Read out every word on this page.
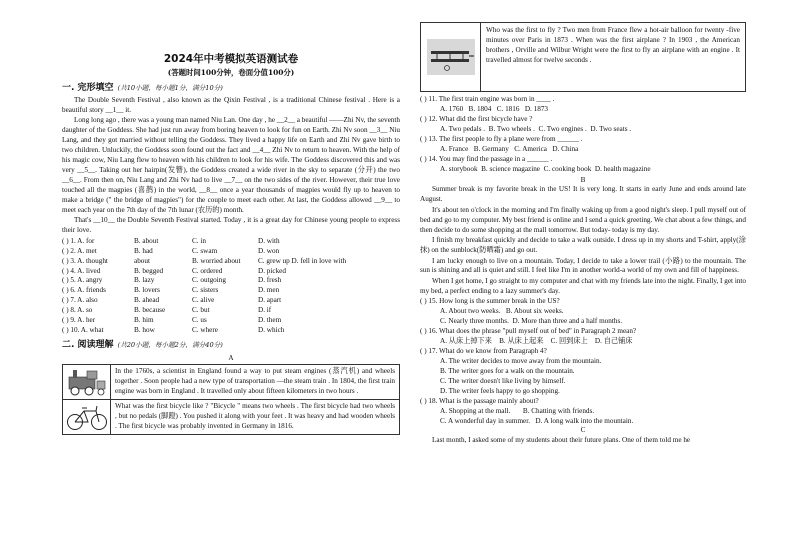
2024年中考模拟英语测试卷
(答题时间100分钟，卷面分值100分)
一. 完形填空 (共10小题，每小题1分，满分10分)

The Double Seventh Festival , also known as the Qixin Festival , is a traditional Chinese festival . Here is a beautiful story __1__ it.

Long long ago , there was a young man named Niu Lan. One day , he __2__ a beautiful ——Zhi Nv, the seventh daughter of the Goddess. She had just run away from boring heaven to look for fun on Earth. Zhi Nv soon __3__ Niu Lang, and they got married without telling the Goddess. They lived a happy life on Earth and Zhi Nv gave birth to two children. Unluckily, the Goddess soon found out the fact and __4__ Zhi Nv to return to heaven. With the help of his magic cow, Niu Lang flew to heaven with his children to look for his wife. The Goddess discovered this and was very __5__. Taking out her hairpin(发簪), the Goddess created a wide river in the sky to separate (分开) the two __6__. From then on, Niu Lang and Zhi Nv had to live __7__ on the two sides of the river. However, their true love touched all the magpies (喜鹊) in the world, __8__ once a year thousands of magpies would fly up to heaven to make a bridge (" the bridge of magpies") for the couple to meet each other. At last, the Goddess allowed __9__ to meet each year on the 7th day of the 7th lunar (农历的) month.

That's __10__ the Double Seventh Festival started. Today , it is a great day for Chinese young people to express their love.

( ) 1. A. for	B. about	C. in	D. with
( ) 2. A. met	B. had	C. swam	D. won
( ) 3. A. thought	about	B. worried about	C. grew up D. fell in love with
( ) 4. A. lived	B. begged	C. ordered	D. picked
( ) 5. A. angry	B. lazy	C. outgoing	D. fresh
( ) 6. A. friends	B. lovers	C. sisters	D. men
( ) 7. A. also	B. ahead	C. alive	D. apart
( ) 8. A. so	B. because	C. but	D. if
( ) 9. A. her	B. him	C. us	D. them
( ) 10. A. what	B. how	C. where	D. which
二. 阅读理解 (共20小题，每小题2分，满分40分)
A
In the 1760s, a scientist in England found a way to put steam engines (蒸汽机) and wheels together . Soon people had a new type of transportation —the steam train . In 1804, the first train engine was born in England . It travelled only about fifteen kilometers in two hours .
What was the first bicycle like ? "Bicycle " means two wheels . The first bicycle had two wheels , but no pedals (脚蹬) . You pushed it along with your feet . It was heavy and had wooden wheels . The first bicycle was probably invented in Germany in 1816.
Who was the first to fly ? Two men from France flew a hot-air balloon for twenty -five minutes over Paris in 1873 . When was the first airplane ? In 1903 , the American brothers , Orville and Wilbur Wright were the first to fly an airplane with an engine . It travelled almost for twelve seconds .
( ) 11. The first train engine was born in ____ .
A. 1760   B. 1804   C. 1816   D. 1873
( ) 12. What did the first bicycle have ?
A. Two pedals .  B. Two wheels .  C. Two engines .  D. Two seats .
( ) 13. The first people to fly a plane were from ______ .
A. France   B. Germany   C. America   D. China
( ) 14. You may find the passage in a ______ .
A. storybook  B. science magazine  C. cooking book  D. health magazine
B

Summer break is my favorite break in the US! It is very long. It starts in early June and ends around late August.

It's about ten o'clock in the morning and I'm finally waking up from a good night's sleep. I pull myself out of bed and go to my computer. My best friend is online and I send a quick greeting. We chat about a few things, and then decide to do some shopping at the mall tomorrow. But today- today is my day.

I finish my breakfast quickly and decide to take a walk outside. I dress up in my shorts and T-shirt, apply(涂抹) on the sunblock(防晒霜) and go out.

I am lucky enough to live on a mountain. Today, I decide to take a lower trail (小路) to the mountain. The sun is shining and all is quiet and still. I feel like I'm in another world-a world of my own and fill of happiness.

When I get home, I go straight to my computer and chat with my friends late into the night. Finally, I get into my bed, a perfect ending to a lazy summer's day.

( ) 15. How long is the summer break in the US?
A. About two weeks.   B. About six weeks.
C. Nearly three months.  D. More than three and a half months.
( ) 16. What does the phrase "pull myself out of bed" in Paragraph 2 mean?
A. 从床上掉下来    B. 从床上起来    C. 回到床上    D. 自己铺床
( ) 17. What do we know from Paragraph 4?
A. The writer decides to move away from the mountain.
B. The writer goes for a walk on the mountain.
C. The writer doesn't like living by himself.
D. The writer feels happy to go shopping.
( ) 18. What is the passage mainly about?
A. Shopping at the mall.       B. Chatting with friends.
C. A wonderful day in summer.   D. A long walk into the mountain.
C

Last month, I asked some of my students about their future plans. One of them told me he
